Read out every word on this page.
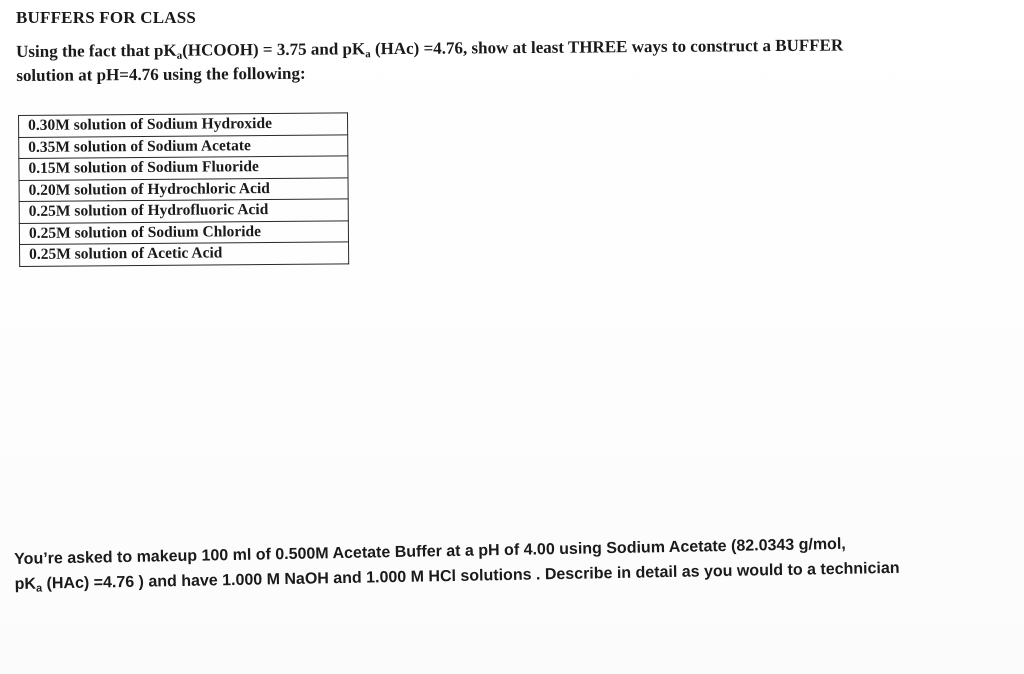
BUFFERS FOR CLASS
Using the fact that $pK_a(HCOOH) = 3.75$ and $pK_a$ (HAc) =4.76, show at least THREE ways to construct a BUFFER
solution at pH=4.76 using the following:
0.30M solution of Sodium Hydroxide
0.35M solution of Sodium Acetate
0.15M solution of Sodium Fluoride
0.20M solution of Hydrochloric Acid
0.25M solution of Hydrofluoric Acid
0.25M solution of Sodium Chloride
0.25M solution of Acetic Acid
You’re asked to makeup 100 ml of 0.500M Acetate Buffer at a pH of 4.00 using Sodium Acetate (82.0343 g/mol,
$pK_a$ (HAc) =4.76 ) and have 1.000 M NaOH and 1.000 M HCl solutions . Describe in detail as you would to a technician
